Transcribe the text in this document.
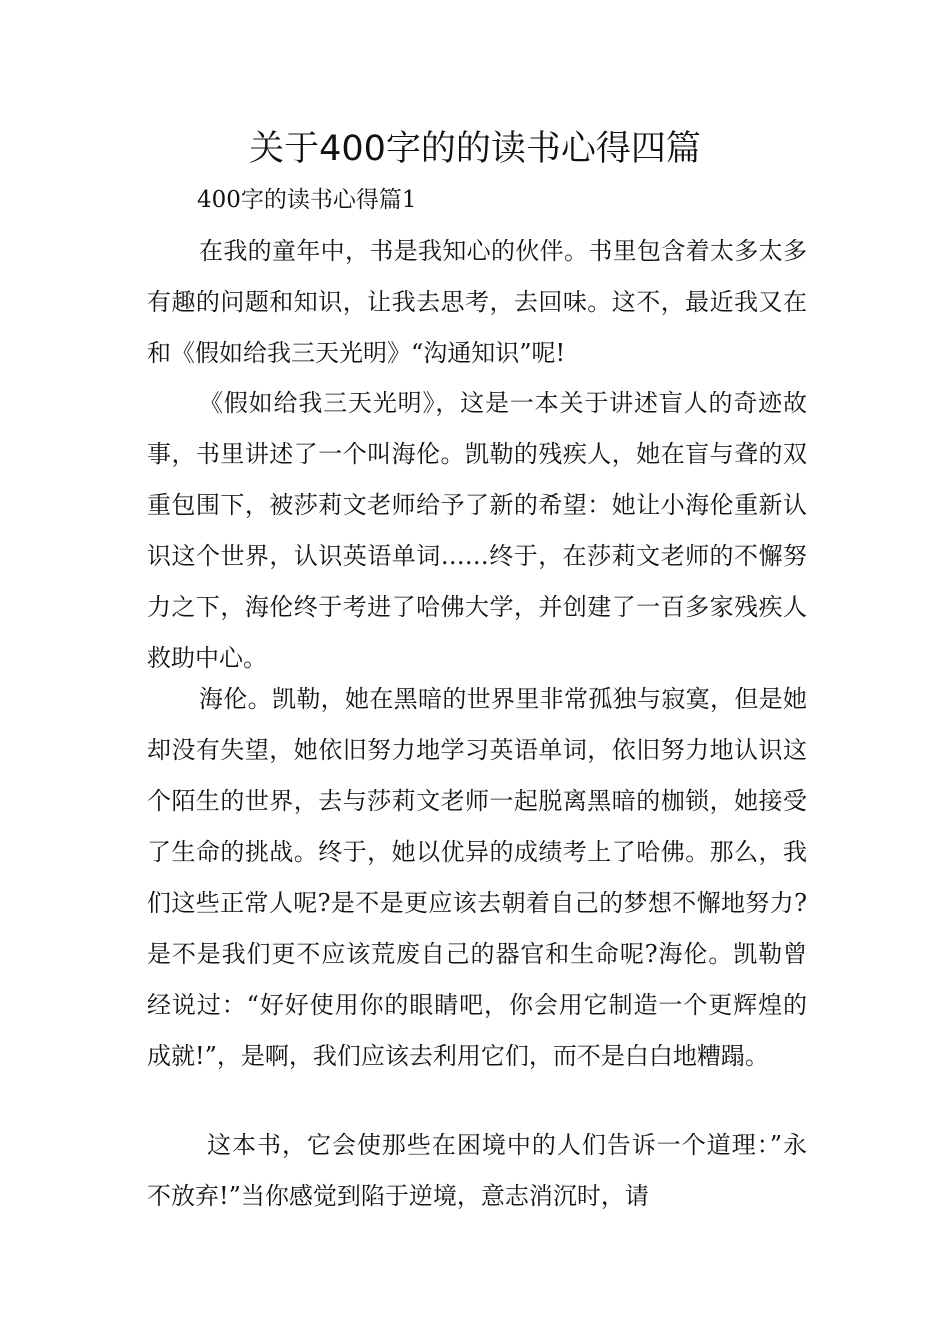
关于400字的的读书心得四篇

400字的读书心得篇1

在我的童年中，书是我知心的伙伴。书里包含着太多太多有趣的问题和知识，让我去思考，去回味。这不，最近我又在和《假如给我三天光明》“沟通知识”呢!

《假如给我三天光明》，这是一本关于讲述盲人的奇迹故事，书里讲述了一个叫海伦。凯勒的残疾人，她在盲与聋的双重包围下，被莎莉文老师给予了新的希望：她让小海伦重新认识这个世界，认识英语单词……终于，在莎莉文老师的不懈努力之下，海伦终于考进了哈佛大学，并创建了一百多家残疾人救助中心。

海伦。凯勒，她在黑暗的世界里非常孤独与寂寞，但是她却没有失望，她依旧努力地学习英语单词，依旧努力地认识这个陌生的世界，去与莎莉文老师一起脱离黑暗的枷锁，她接受了生命的挑战。终于，她以优异的成绩考上了哈佛。那么，我们这些正常人呢?是不是更应该去朝着自己的梦想不懈地努力?是不是我们更不应该荒废自己的器官和生命呢?海伦。凯勒曾经说过：“好好使用你的眼睛吧，你会用它制造一个更辉煌的成就!”，是啊，我们应该去利用它们，而不是白白地糟蹋。

这本书，它会使那些在困境中的人们告诉一个道理：”永不放弃!”当你感觉到陷于逆境，意志消沉时，请
